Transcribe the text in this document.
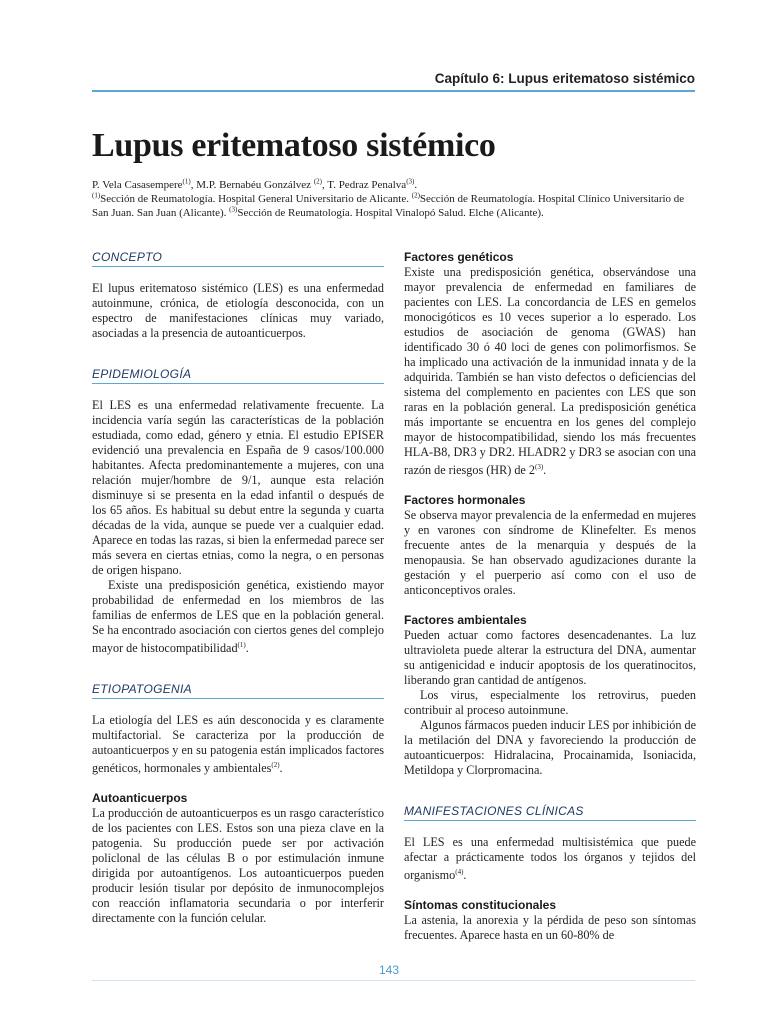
Capítulo 6: Lupus eritematoso sistémico
Lupus eritematoso sistémico
P. Vela Casasempere$^{(1)}$, M.P. Bernabéu Gonzálvez $^{(2)}$, T. Pedraz Penalva$^{(3)}$.
$^{(1)}$Sección de Reumatología. Hospital General Universitario de Alicante. $^{(2)}$Sección de Reumatología. Hospital Clínico Universitario de San Juan. San Juan (Alicante). $^{(3)}$Sección de Reumatología. Hospital Vinalopó Salud. Elche (Alicante).
CONCEPTO

El lupus eritematoso sistémico (LES) es una enfermedad autoinmune, crónica, de etiología desconocida, con un espectro de manifestaciones clínicas muy variado, asociadas a la presencia de autoanticuerpos.

EPIDEMIOLOGÍA

El LES es una enfermedad relativamente frecuente. La incidencia varía según las características de la población estudiada, como edad, género y etnia. El estudio EPISER evidenció una prevalencia en España de 9 casos/100.000 habitantes. Afecta predominantemente a mujeres, con una relación mujer/hombre de 9/1, aunque esta relación disminuye si se presenta en la edad infantil o después de los 65 años. Es habitual su debut entre la segunda y cuarta décadas de la vida, aunque se puede ver a cualquier edad. Aparece en todas las razas, si bien la enfermedad parece ser más severa en ciertas etnias, como la negra, o en personas de origen hispano.

Existe una predisposición genética, existiendo mayor probabilidad de enfermedad en los miembros de las familias de enfermos de LES que en la población general. Se ha encontrado asociación con ciertos genes del complejo mayor de histocompatibilidad$^{(1)}$.

ETIOPATOGENIA

La etiología del LES es aún desconocida y es claramente multifactorial. Se caracteriza por la producción de autoanticuerpos y en su patogenia están implicados factores genéticos, hormonales y ambientales$^{(2)}$.

Autoanticuerpos

La producción de autoanticuerpos es un rasgo característico de los pacientes con LES. Estos son una pieza clave en la patogenia. Su producción puede ser por activación policlonal de las células B o por estimulación inmune dirigida por autoantígenos. Los autoanticuerpos pueden producir lesión tisular por depósito de inmunocomplejos con reacción inflamatoria secundaria o por interferir directamente con la función celular.

Factores genéticos

Existe una predisposición genética, observándose una mayor prevalencia de enfermedad en familiares de pacientes con LES. La concordancia de LES en gemelos monocigóticos es 10 veces superior a lo esperado. Los estudios de asociación de genoma (GWAS) han identificado 30 ó 40 loci de genes con polimorfismos. Se ha implicado una activación de la inmunidad innata y de la adquirida. También se han visto defectos o deficiencias del sistema del complemento en pacientes con LES que son raras en la población general. La predisposición genética más importante se encuentra en los genes del complejo mayor de histocompatibilidad, siendo los más frecuentes HLA-B8, DR3 y DR2. HLADR2 y DR3 se asocian con una razón de riesgos (HR) de 2$^{(3)}$.

Factores hormonales

Se observa mayor prevalencia de la enfermedad en mujeres y en varones con síndrome de Klinefelter. Es menos frecuente antes de la menarquia y después de la menopausia. Se han observado agudizaciones durante la gestación y el puerperio así como con el uso de anticonceptivos orales.

Factores ambientales

Pueden actuar como factores desencadenantes. La luz ultravioleta puede alterar la estructura del DNA, aumentar su antigenicidad e inducir apoptosis de los queratinocitos, liberando gran cantidad de antígenos.

Los virus, especialmente los retrovirus, pueden contribuir al proceso autoinmune.

Algunos fármacos pueden inducir LES por inhibición de la metilación del DNA y favoreciendo la producción de autoanticuerpos: Hidralacina, Procainamida, Isoniacida, Metildopa y Clorpromacina.

MANIFESTACIONES CLÍNICAS

El LES es una enfermedad multisistémica que puede afectar a prácticamente todos los órganos y tejidos del organismo$^{(4)}$.

Síntomas constitucionales

La astenia, la anorexia y la pérdida de peso son síntomas frecuentes. Aparece hasta en un 60-80% de

143
